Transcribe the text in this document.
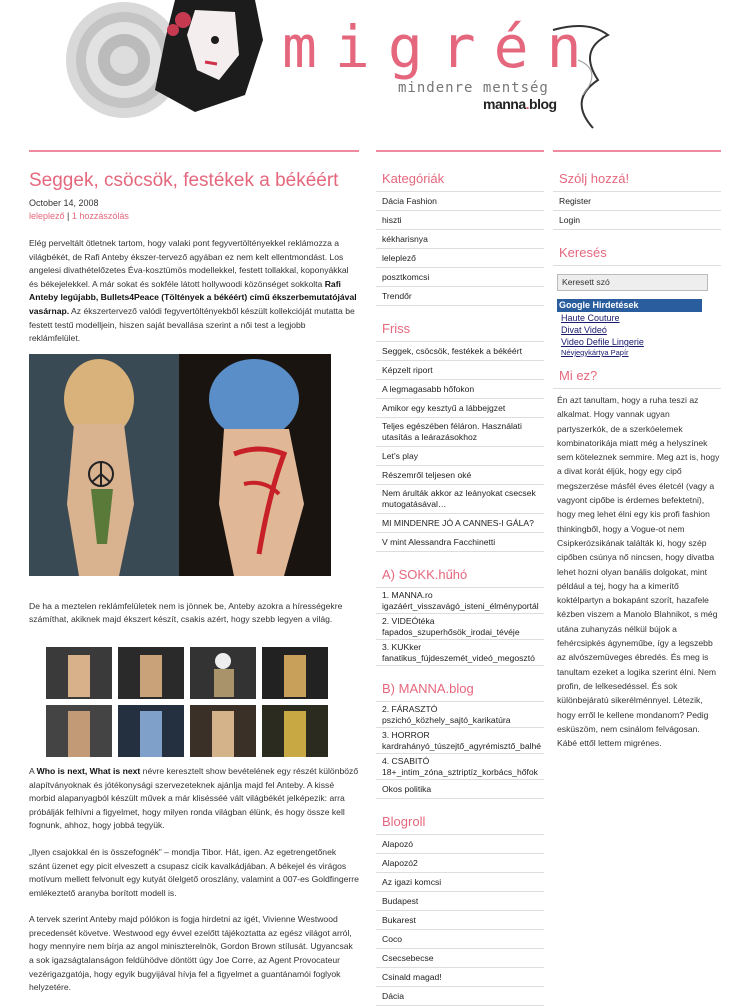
migrén
mindenre mentség
manna.blog
Seggek, csöcsök, festékek a békéért
October 14, 2008
leleplező | 1 hozzászólás

Elég perveltált ötletnek tartom, hogy valaki pont fegyvertöltényekkel reklámozza a világbékét, de Rafi Anteby ékszer-tervező agyában ez nem kelt ellentmondást. Los angelesi divathételőzetes Éva-kosztümös modellekkel, festett tollakkal, koponyákkal és békejelekkel. A már sokat és sokféle látott hollywoodi közönséget sokkolta Rafi Anteby legújabb, Bullets4Peace (Töltények a békéért) című ékszerbemutatójával vasárnap. Az ékszertervező valódi fegyvertöltényekből készült kollekcióját mutatta be festett testű modelljein, hiszen saját bevallása szerint a női test a legjobb reklámfelület.

De ha a meztelen reklámfelületek nem is jönnek be, Anteby azokra a hírességekre számíthat, akiknek majd ékszert készít, csakis azért, hogy szebb legyen a világ.

A Who is next, What is next névre keresztelt show bevételének egy részét különböző alapítványoknak és jótékonysági szervezeteknek ajánlja majd fel Anteby. A kissé morbid alapanyagból készült művek a már klisésséé vált világbékét jelképezik: arra próbálják felhívni a figyelmet, hogy milyen ronda világban élünk, és hogy össze kell fognunk, ahhoz, hogy jobbá tegyük.

„Ilyen csajokkal én is összefognék” – mondja Tibor. Hát, igen. Az egetrengetőnek szánt üzenet egy picit elveszett a csupasz cicik kavalkádjában. A békejel és virágos motívum mellett felvonult egy kutyát ölelgető oroszlány, valamint a 007-es Goldfingerre emlékeztető aranyba borított modell is.

A tervek szerint Anteby majd pólókon is fogja hirdetni az igét, Vivienne Westwood precedensét követve. Westwood egy évvel ezelőtt tájékoztatta az egész világot arról, hogy mennyire nem bírja az angol miniszterelnök, Gordon Brown stílusát. Ugyancsak a sok igazságtalanságon feldühödve döntött úgy Joe Corre, az Agent Provocateur vezérigazgatója, hogy egyik bugyijával hívja fel a figyelmet a guantánamói foglyok helyzetére.

Kategóriák
Dácia Fashion
hiszti
kékharisnya
leleplező
posztkomcsi
Trendőr
Friss
Seggek, csöcsök, festékek a békéért
Képzelt riport
A legmagasabb hőfokon
Amikor egy kesztyű a lábbejgzet
Teljes egészében féláron. Használati utasítás a leárazásokhoz
Let's play
Részemről teljesen oké
Nem árulták akkor az leányokat csecsek mutogatásával…
MI MINDENRE JÓ A CANNES-I GÁLA?
V mint Alessandra Facchinetti
A) SOKK.hűhó
1. MANNA.ro igazáért_visszavágó_isteni_élményportál
2. VIDEÓtéka fapados_szuperhősök_irodai_tévéje
3. KUKker fanatikus_fújdeszemét_videó_megosztó
B) MANNA.blog
2. FÁRASZTÓ pszichó_közhely_sajtó_karikatúra
3. HORROR kardrahányó_túszejtő_agyrémisztő_balhé
4. CSABITÓ 18+_intim_zóna_sztriptíz_korbács_hőfok
Okos politika
Blogroll
Alapozó
Alapozó2
Az igazi komcsi
Budapest
Bukarest
Coco
Csecsebecse
Csinald magad!
Dácia
Szólj hozzá!
Register
Login
Keresés
Keresett szó
Google Hirdetések
Haute Couture
Divat Videó
Video Defile Lingerie
Névjegykártya Papír
Mi ez?

Én azt tanultam, hogy a ruha teszi az alkalmat. Hogy vannak ugyan partyszerkók, de a szerkóelemek kombinatorikája miatt még a helyszínek sem köteleznek semmire. Meg azt is, hogy a divat korát éljük, hogy egy cipő megszerzése másfél éves életcél (vagy a vagyont cipőbe is érdemes befektetni), hogy meg lehet élni egy kis profi fashion thinkingből, hogy a Vogue-ot nem Csipkerózsikának találták ki, hogy szép cipőben csúnya nő nincsen, hogy divatba lehet hozni olyan banális dolgokat, mint például a tej, hogy ha a kimerítő koktélpartyn a bokapánt szorít, hazafele kézben viszem a Manolo Blahnikot, s még utána zuhanyzás nélkül bújok a fehércsipkés ágyneműbe, így a legszebb az alvószemüveges ébredés. És meg is tanultam ezeket a logika szerint élni. Nem profin, de lelkesedéssel. És sok különbejáratú sikerélménnyel. Létezik, hogy erről le kellene mondanom? Pedig esküszöm, nem csinálom felvágosan. Kábé ettől lettem migrénes.
